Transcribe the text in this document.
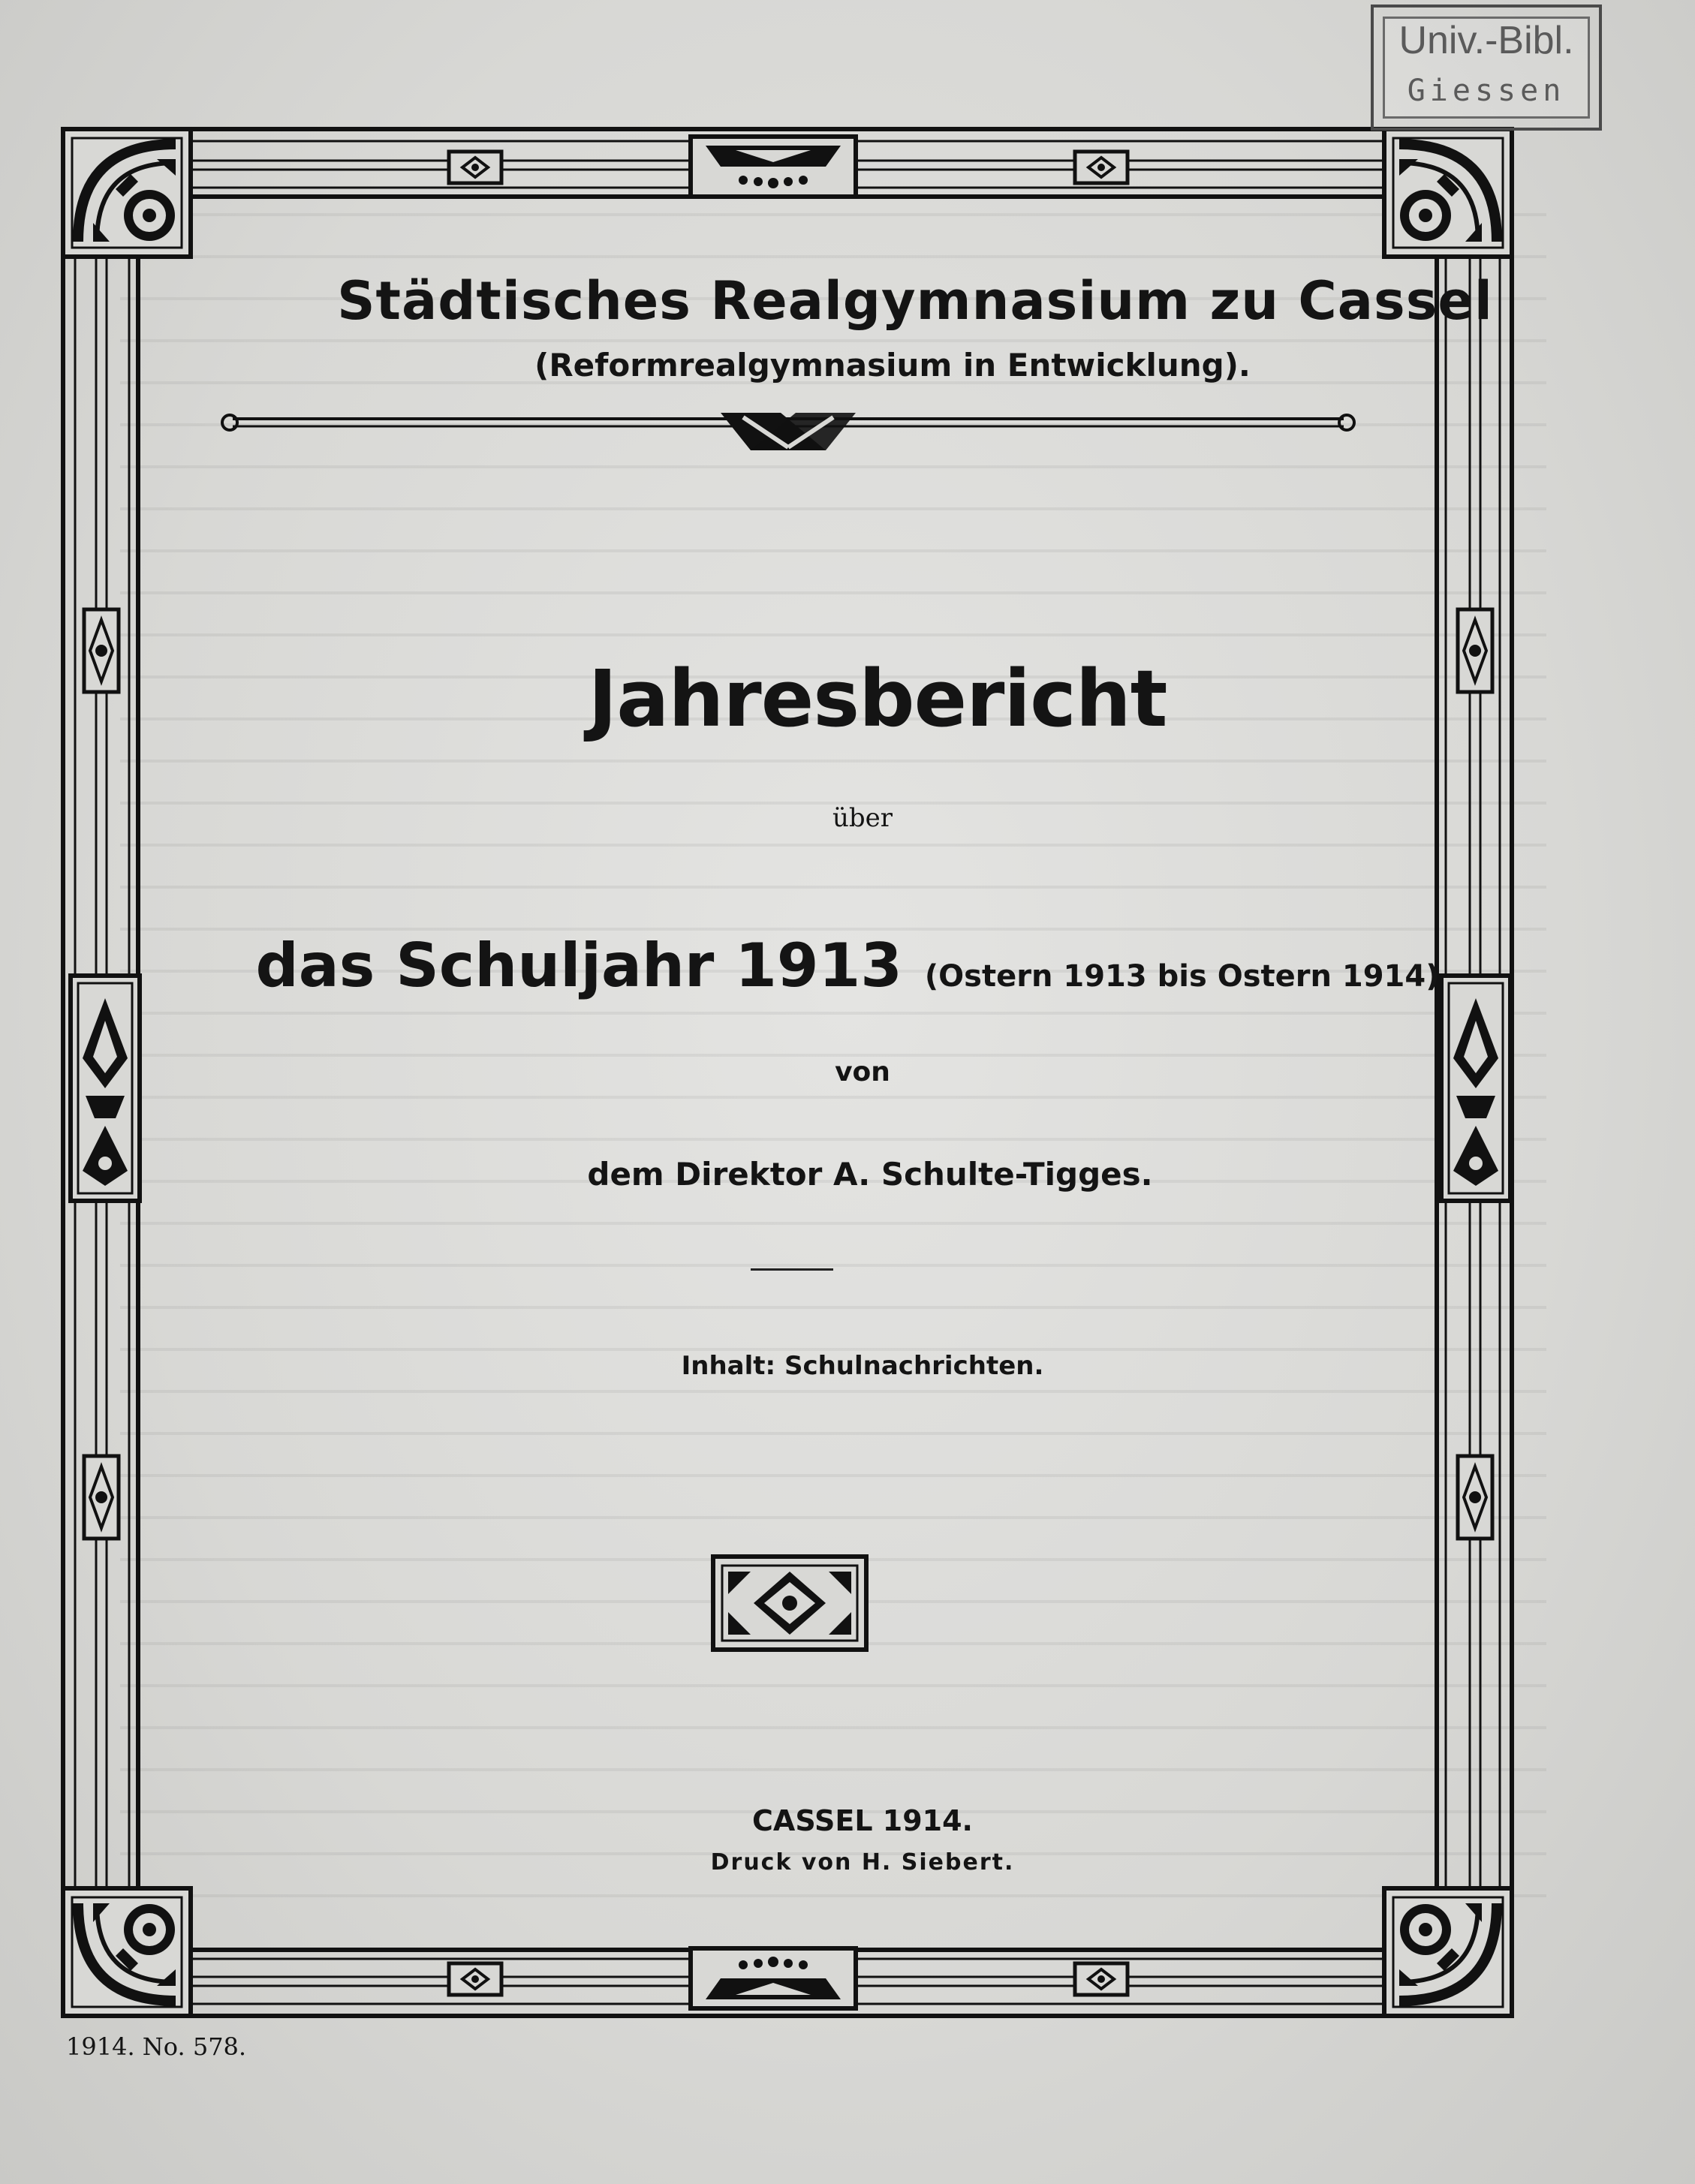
Univ.-Bibl.
Giessen
Städtisches Realgymnasium zu Cassel

(Reformrealgymnasium in Entwicklung).

Jahresbericht

über

das Schuljahr 1913 (Ostern 1913 bis Ostern 1914)

von

dem Direktor A. Schulte-Tigges.

Inhalt: Schulnachrichten.

CASSEL 1914.

Druck von H. Siebert.

1914. No. 578.
